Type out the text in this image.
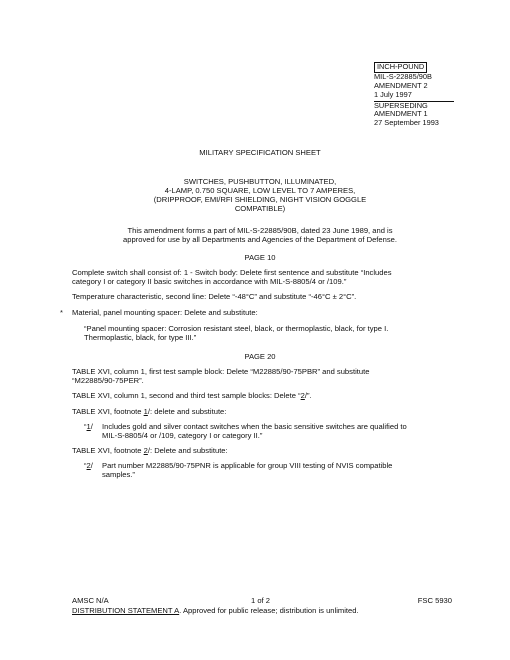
INCH-POUND
MIL-S-22885/90B
AMENDMENT 2
1 July 1997
SUPERSEDING
AMENDMENT 1
27 September 1993
MILITARY SPECIFICATION SHEET
SWITCHES, PUSHBUTTON, ILLUMINATED,
4-LAMP, 0.750 SQUARE, LOW LEVEL TO 7 AMPERES,
(DRIPPROOF, EMI/RFI SHIELDING, NIGHT VISION GOGGLE
COMPATIBLE)
This amendment forms a part of MIL-S-22885/90B, dated 23 June 1989, and is
approved for use by all Departments and Agencies of the Department of Defense.
PAGE 10
Complete switch shall consist of: 1 - Switch body: Delete first sentence and substitute “Includes
category I or category II basic switches in accordance with MIL-S-8805/4 or /109.”
Temperature characteristic, second line: Delete “-48°C” and substitute “-46°C ± 2°C”.
* Material, panel mounting spacer: Delete and substitute:
“Panel mounting spacer: Corrosion resistant steel, black, or thermoplastic, black, for type I.
Thermoplastic, black, for type III.”
PAGE 20
TABLE XVI, column 1, first test sample block: Delete “M22885/90-75PBR” and substitute
“M22885/90-75PER”.
TABLE XVI, column 1, second and third test sample blocks: Delete “2/”.
TABLE XVI, footnote 1/: delete and substitute:
“1/ Includes gold and silver contact switches when the basic sensitive switches are qualified to
MIL-S-8805/4 or /109, category I or category II.”
TABLE XVI, footnote 2/: Delete and substitute:
“2/ Part number M22885/90-75PNR is applicable for group VIII testing of NVIS compatible
samples.”
AMSC N/A	1 of 2	FSC 5930
DISTRIBUTION STATEMENT A. Approved for public release; distribution is unlimited.
